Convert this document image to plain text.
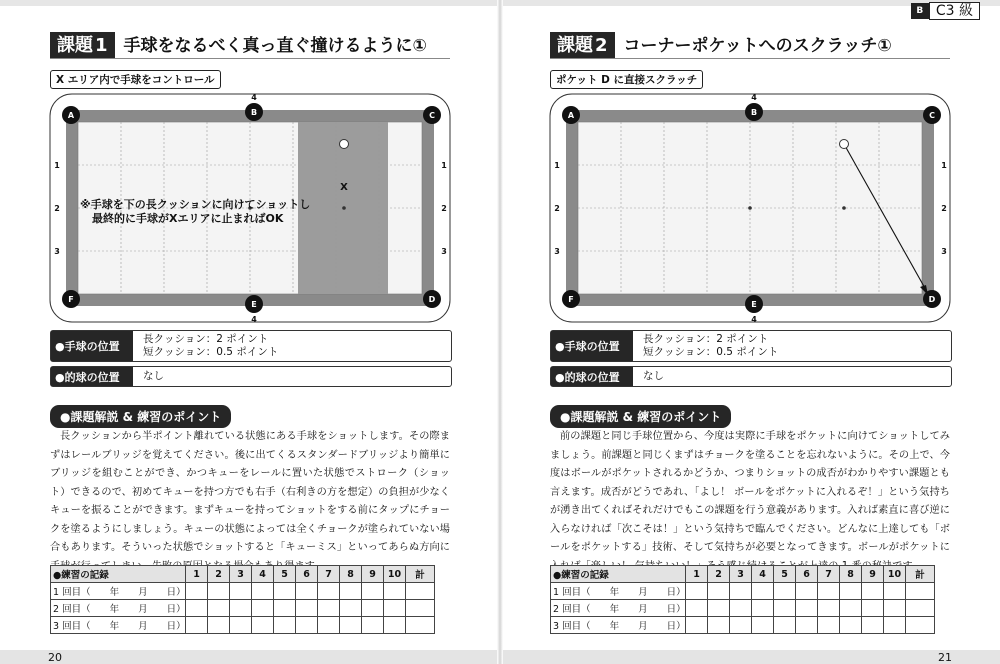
課題 1 手球をなるべく真っ直ぐ撞けるように①
X エリア内で手球をコントロール
A	B	C
D
E
F
7	6	5
4
3	2	1
7	6	5
4
3	2	1
1	1
2	2
3	3
X
※手球を下の長クッションに向けてショットし
最終的に手球がXエリアに止まればOK
●手球の位置
長クッション：2 ポイント
短クッション：0.5 ポイント
●的球の位置	なし
●課題解説 & 練習のポイント
長クッションから半ポイント離れている状態にある手球をショットします。その際まずはレールブリッジを覚えてください。後に出てくるスタンダードブリッジより簡単にブリッジを組むことができ、かつキューをレールに置いた状態でストローク（ショット）できるので、初めてキューを持つ方でも右手（右利きの方を想定）の負担が少なくキューを振ることができます。まずキューを持ってショットをする前にタップにチョークを塗るようにしましょう。キューの状態によっては全くチョークが塗られていない場合もあります。そういった状態でショットすると「キューミス」といってあらぬ方向に
●練習の記録	1	2	3	4	5	6	7	8	9	10	計
1 回目（　　年　　月　　日）											
2 回目（　　年　　月　　日）											
3 回目（　　年　　月　　日）											
20
B C3 級
課題 2 コーナーポケットへのスクラッチ①
ポケット D に直接スクラッチ
A	B	C
D
E
F
7	6	5
4
3	2	1
7	6	5
4
3	2	1
1	1
2	2
3	3
●手球の位置
長クッション：2 ポイント
短クッション：0.5 ポイント
●的球の位置	なし
●課題解説 & 練習のポイント
前の課題と同じ手球位置から、今度は実際に手球をポケットに向けてショットしてみましょう。前課題と同じくまずはチョークを塗ることを忘れないように。その上で、今度はボールがポケットされるかどうか、つまりショットの成否がわかりやすい課題とも言えます。成否がどうであれ、「よし！ ボールをポケットに入れるぞ！」という気持ちが湧き出てくればそれだけでもこの課題を行う意義があります。入れば素直に喜び逆に入らなければ「次こそは！」という気持ちで臨んでください。どんなに上達しても「ボールをポケットする」技術、そして気持ちが必要となってきます。ボールがポケットに
●練習の記録	1	2	3	4	5	6	7	8	9	10	計
1 回目（　　年　　月　　日）											
2 回目（　　年　　月　　日）											
3 回目（　　年　　月　　日）											
21
